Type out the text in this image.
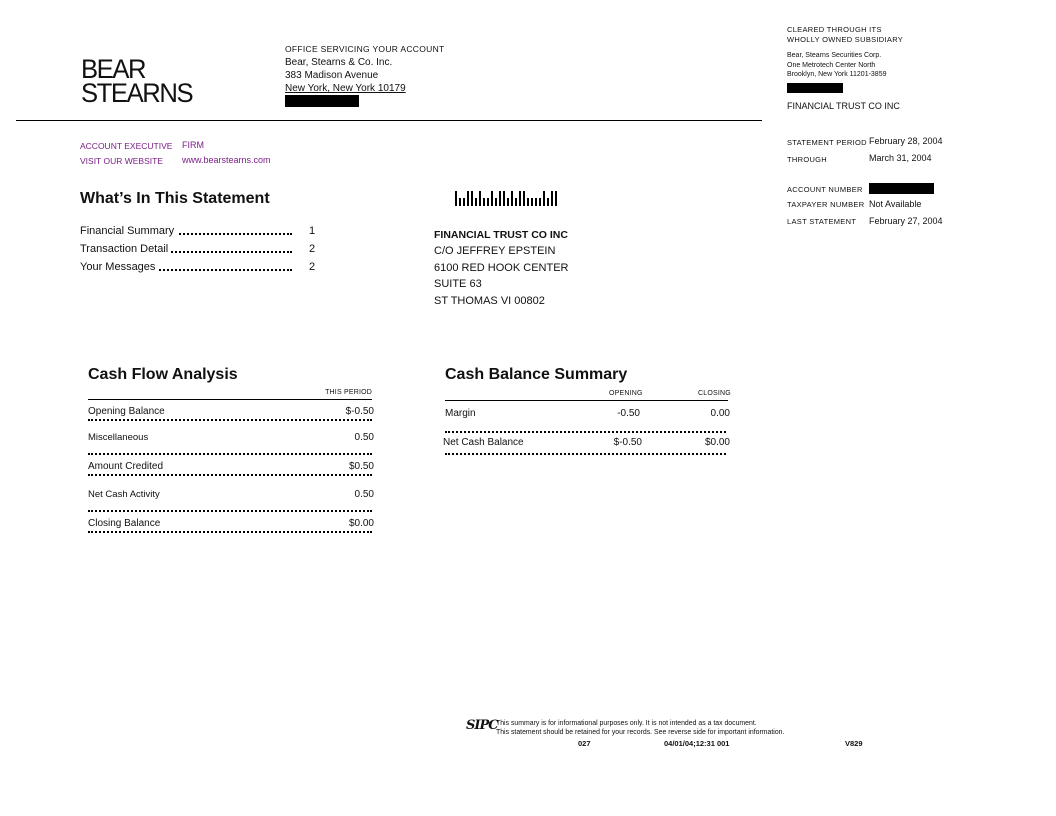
BEAR
STEARNS
OFFICE SERVICING YOUR ACCOUNT
Bear, Stearns & Co. Inc.
383 Madison Avenue
New York, New York 10179
CLEARED THROUGH ITS
WHOLLY OWNED SUBSIDIARY
Bear, Stearns Securities Corp.
One Metrotech Center North
Brooklyn, New York 11201-3859
FINANCIAL TRUST CO INC
STATEMENT PERIOD February 28, 2004
THROUGH	March 31, 2004
ACCOUNT NUMBER
TAXPAYER NUMBER Not Available
LAST STATEMENT February 27, 2004
ACCOUNT EXECUTIVE FIRM
VISIT OUR WEBSITE www.bearstearns.com
What’s In This Statement
Financial Summary	1
Transaction Detail	2
Your Messages	2
FINANCIAL TRUST CO INC
C/O JEFFREY EPSTEIN
6100 RED HOOK CENTER
SUITE 63
ST THOMAS VI 00802
Cash Flow Analysis
THIS PERIOD
Opening Balance	$-0.50
Miscellaneous	0.50
Amount Credited	$0.50
Net Cash Activity	0.50
Closing Balance	$0.00
Cash Balance Summary
OPENING	CLOSING
Margin	-0.50	0.00
Net Cash Balance	$-0.50	$0.00
SIPC
This summary is for informational purposes only. It is not intended as a tax document.
This statement should be retained for your records. See reverse side for important information.
027	04/01/04;12:31 001	V829
